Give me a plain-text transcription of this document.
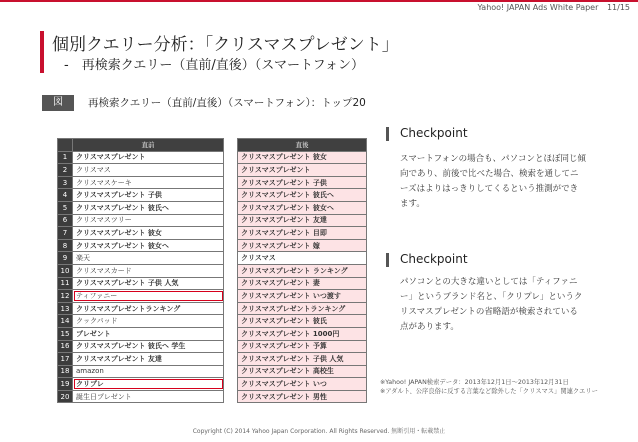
Yahoo! JAPAN Ads White Paper 11/15
個別クエリー分析：「クリスマスプレゼント」
-　再検索クエリー（直前/直後）（スマートフォン）
図	再検索クエリー（直前/直後）（スマートフォン）：トップ20
	直前
1	クリスマスプレゼント
2	クリスマス
3	クリスマスケーキ
4	クリスマスプレゼント 子供
5	クリスマスプレゼント 彼氏へ
6	クリスマスツリー
7	クリスマスプレゼント 彼女
8	クリスマスプレゼント 彼女へ
9	楽天
10	クリスマスカード
11	クリスマスプレゼント 子供 人気
12	ティファニー
13	クリスマスプレゼントランキング
14	クックパッド
15	プレゼント
16	クリスマスプレゼント 彼氏へ 学生
17	クリスマスプレゼント 友達
18	amazon
19	クリプレ
20	誕生日プレゼント
直後
クリスマスプレゼント 彼女
クリスマスプレゼント
クリスマスプレゼント 子供
クリスマスプレゼント 彼氏へ
クリスマスプレゼント 彼女へ
クリスマスプレゼント 友達
クリスマスプレゼント 目即
クリスマスプレゼント 嫁
クリスマス
クリスマスプレゼント ランキング
クリスマスプレゼント 妻
クリスマスプレゼント いつ渡す
クリスマスプレゼントランキング
クリスマスプレゼント 彼氏
クリスマスプレゼント 1000円
クリスマスプレゼント 予算
クリスマスプレゼント 子供 人気
クリスマスプレゼント 高校生
クリスマスプレゼント いつ
クリスマスプレゼント 男性
Checkpoint
スマートフォンの場合も、パソコンとほぼ同じ傾向であり、前後で比べた場合、検索を通してニーズはよりはっきりしてくるという推測ができます。
Checkpoint
パソコンとの大きな違いとしては「ティファニー」というブランド名と、「クリプレ」というクリスマスプレゼントの省略語が検索されている点があります。
※Yahoo! JAPAN検索データ：2013年12月1日～2013年12月31日
※アダルト、公序良俗に反する言葉など除外した「クリスマス」関連クエリー
Copyright (C) 2014 Yahoo Japan Corporation. All Rights Reserved. 無断引用・転載禁止
